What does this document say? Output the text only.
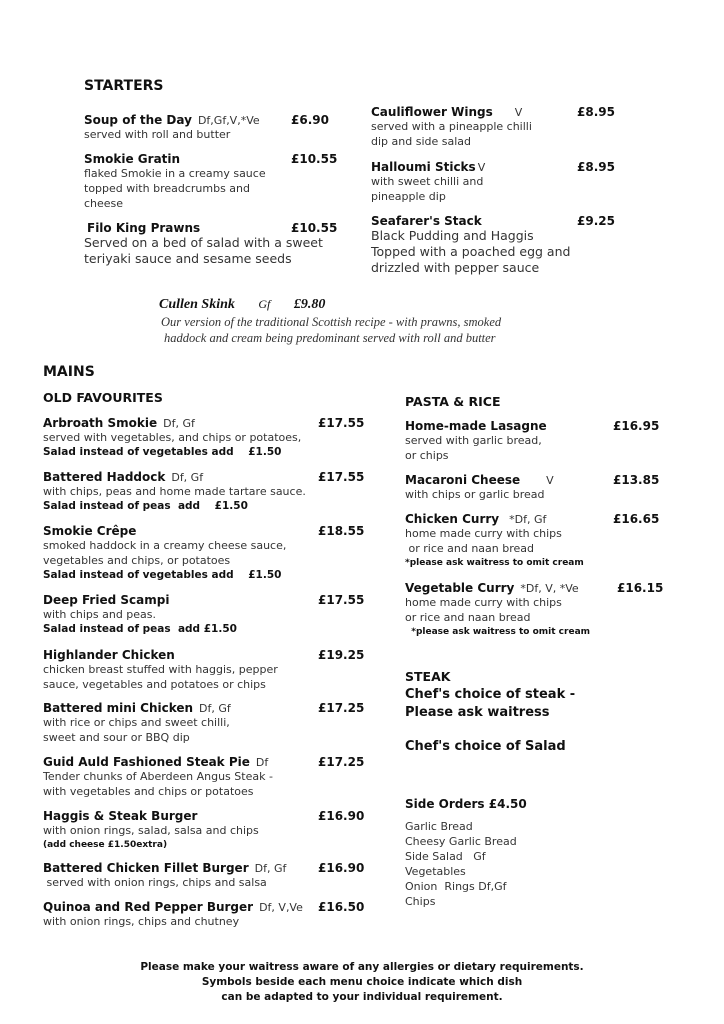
STARTERS
Soup of the Day Df,Gf,V,*Ve	£6.90
served with roll and butter
Smokie Gratin	£10.55
flaked Smokie in a creamy sauce
topped with breadcrumbs and
cheese
Filo King Prawns	£10.55
Served on a bed of salad with a sweet
teriyaki sauce and sesame seeds
Cauliflower Wings V	£8.95
served with a pineapple chilli
dip and side salad
Halloumi Sticks V	£8.95
with sweet chilli and
pineapple dip
Seafarer's Stack	£9.25
Black Pudding and Haggis
Topped with a poached egg and
drizzled with pepper sauce
Cullen Skink Gf £9.80
Our version of the traditional Scottish recipe - with prawns, smoked
haddock and cream being predominant served with roll and butter
MAINS
OLD FAVOURITES
Arbroath Smokie Df, Gf	£17.55
served with vegetables, and chips or potatoes,
Salad instead of vegetables add    £1.50
Battered Haddock Df, Gf	£17.55
with chips, peas and home made tartare sauce.
Salad instead of peas  add    £1.50
Smokie Crêpe	£18.55
smoked haddock in a creamy cheese sauce,
vegetables and chips, or potatoes
Salad instead of vegetables add    £1.50
Deep Fried Scampi	£17.55
with chips and peas.
Salad instead of peas  add £1.50
Highlander Chicken	£19.25
chicken breast stuffed with haggis, pepper
sauce, vegetables and potatoes or chips
Battered mini Chicken Df, Gf	£17.25
with rice or chips and sweet chilli,
sweet and sour or BBQ dip
Guid Auld Fashioned Steak Pie Df	£17.25
Tender chunks of Aberdeen Angus Steak -
with vegetables and chips or potatoes
Haggis & Steak Burger	£16.90
with onion rings, salad, salsa and chips
(add cheese £1.50extra)
Battered Chicken Fillet Burger Df, Gf	£16.90
served with onion rings, chips and salsa
Quinoa and Red Pepper Burger Df, V,Ve	£16.50
with onion rings, chips and chutney
PASTA & RICE
Home-made Lasagne	£16.95
served with garlic bread,
or chips
Macaroni Cheese V	£13.85
with chips or garlic bread
Chicken Curry *Df, Gf	£16.65
home made curry with chips
or rice and naan bread
*please ask waitress to omit cream
Vegetable Curry *Df, V, *Ve	£16.15
home made curry with chips
or rice and naan bread
*please ask waitress to omit cream
STEAK
Chef's choice of steak -
Please ask waitress
Chef's choice of Salad
Side Orders £4.50
Garlic Bread
Cheesy Garlic Bread
Side Salad   Gf
Vegetables
Onion  Rings Df,Gf
Chips
Please make your waitress aware of any allergies or dietary requirements.
Symbols beside each menu choice indicate which dish
can be adapted to your individual requirement.
